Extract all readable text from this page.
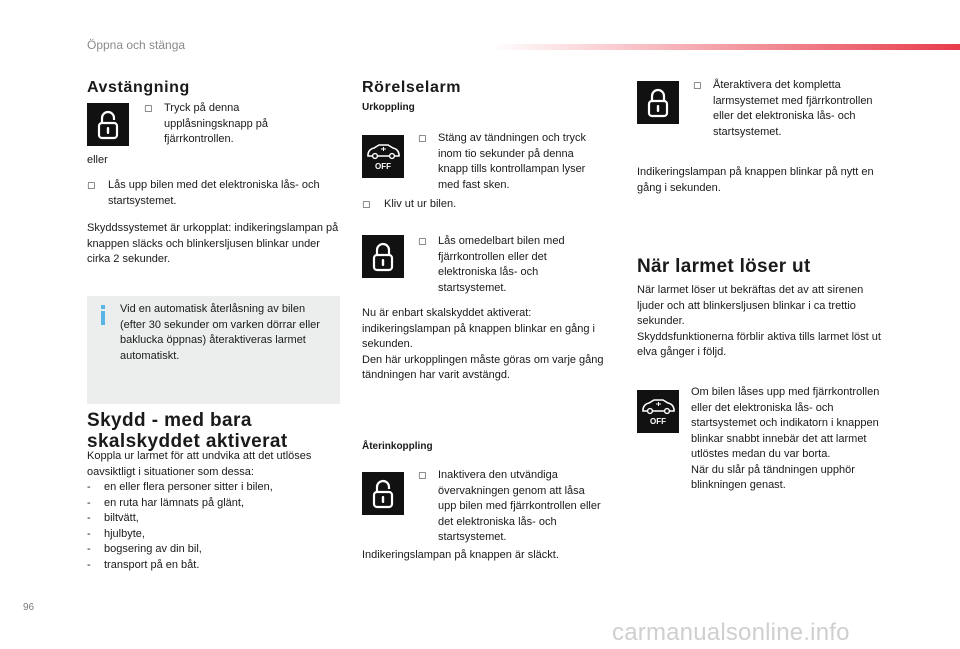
Öppna och stänga
Avstängning
▢	Tryck på denna upplåsningsknapp på fjärrkontrollen.
eller
▢	Lås upp bilen med det elektroniska lås- och startsystemet.
Skyddssystemet är urkopplat: indikeringslampan på knappen släcks och blinkersljusen blinkar under cirka 2 sekunder.
Vid en automatisk återlåsning av bilen (efter 30 sekunder om varken dörrar eller baklucka öppnas) återaktiveras larmet automatiskt.
Skydd - med bara
skalskyddet aktiverat
Koppla ur larmet för att undvika att det utlöses oavsiktligt i situationer som dessa:
-	en eller flera personer sitter i bilen,
-	en ruta har lämnats på glänt,
-	biltvätt,
-	hjulbyte,
-	bogsering av din bil,
-	transport på en båt.
Rörelselarm
Urkoppling
OFF
▢	Stäng av tändningen och tryck inom tio sekunder på denna knapp tills kontrollampan lyser med fast sken.
▢	Kliv ut ur bilen.
▢	Lås omedelbart bilen med fjärrkontrollen eller det elektroniska lås- och startsystemet.
Nu är enbart skalskyddet aktiverat: indikeringslampan på knappen blinkar en gång i sekunden.
Den här urkopplingen måste göras om varje gång tändningen har varit avstängd.
Återinkoppling
▢	Inaktivera den utvändiga övervakningen genom att låsa upp bilen med fjärrkontrollen eller det elektroniska lås- och startsystemet.
Indikeringslampan på knappen är släckt.
▢	Återaktivera det kompletta larmsystemet med fjärrkontrollen eller det elektroniska lås- och startsystemet.
Indikeringslampan på knappen blinkar på nytt en gång i sekunden.
När larmet löser ut
När larmet löser ut bekräftas det av att sirenen ljuder och att blinkersljusen blinkar i ca trettio sekunder.
Skyddsfunktionerna förblir aktiva tills larmet löst ut elva gånger i följd.
OFF
Om bilen låses upp med fjärrkontrollen eller det elektroniska lås- och startsystemet och indikatorn i knappen blinkar snabbt innebär det att larmet utlöstes medan du var borta.
När du slår på tändningen upphör blinkningen genast.
96
carmanualsonline.info
